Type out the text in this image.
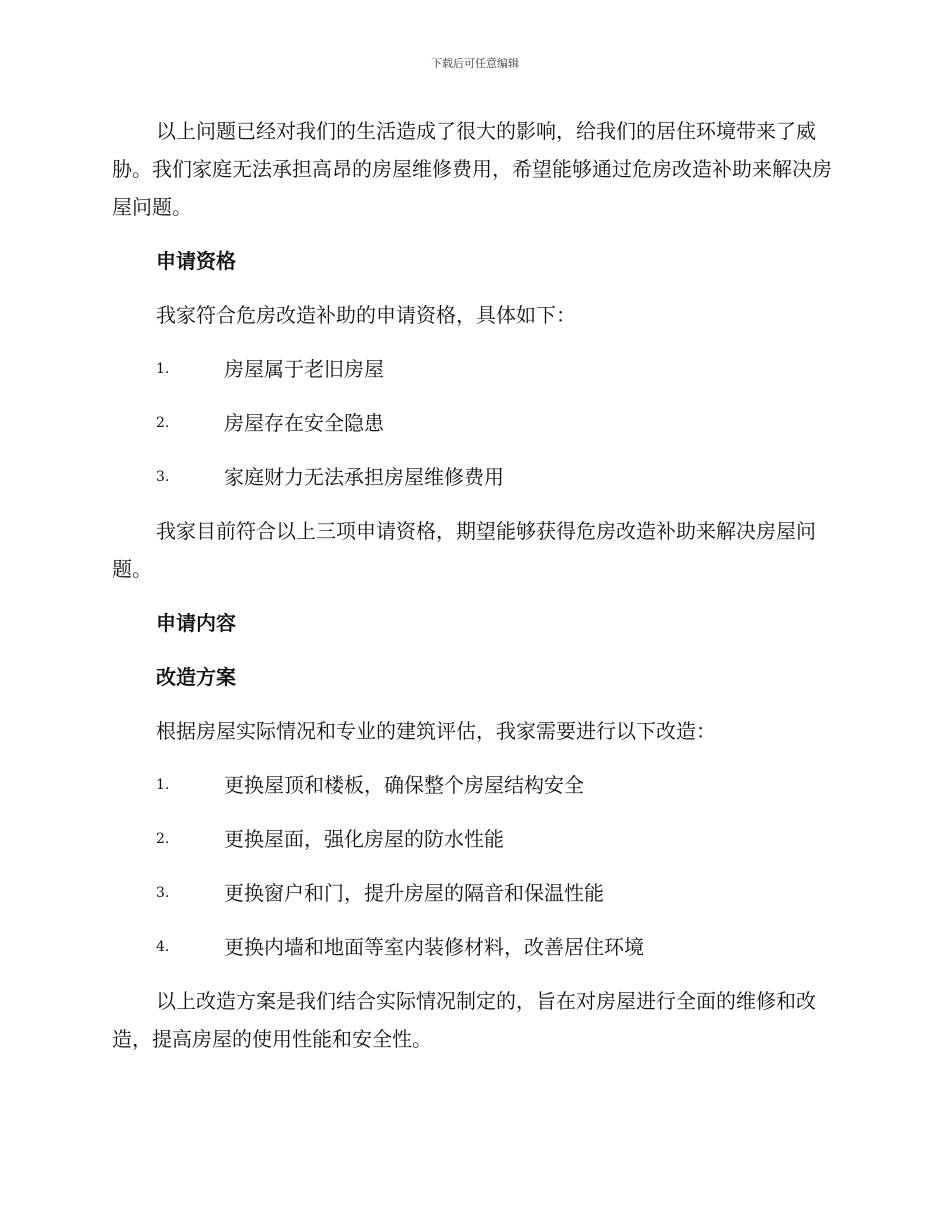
下载后可任意编辑

以上问题已经对我们的生活造成了很大的影响，给我们的居住环境带来了威胁。我们家庭无法承担高昂的房屋维修费用，希望能够通过危房改造补助来解决房屋问题。

申请资格

我家符合危房改造补助的申请资格，具体如下：

1.	房屋属于老旧房屋
2.	房屋存在安全隐患
3.	家庭财力无法承担房屋维修费用

我家目前符合以上三项申请资格，期望能够获得危房改造补助来解决房屋问题。

申请内容
改造方案

根据房屋实际情况和专业的建筑评估，我家需要进行以下改造：

1.	更换屋顶和楼板，确保整个房屋结构安全
2.	更换屋面，强化房屋的防水性能
3.	更换窗户和门，提升房屋的隔音和保温性能
4.	更换内墙和地面等室内装修材料，改善居住环境

以上改造方案是我们结合实际情况制定的，旨在对房屋进行全面的维修和改造，提高房屋的使用性能和安全性。
